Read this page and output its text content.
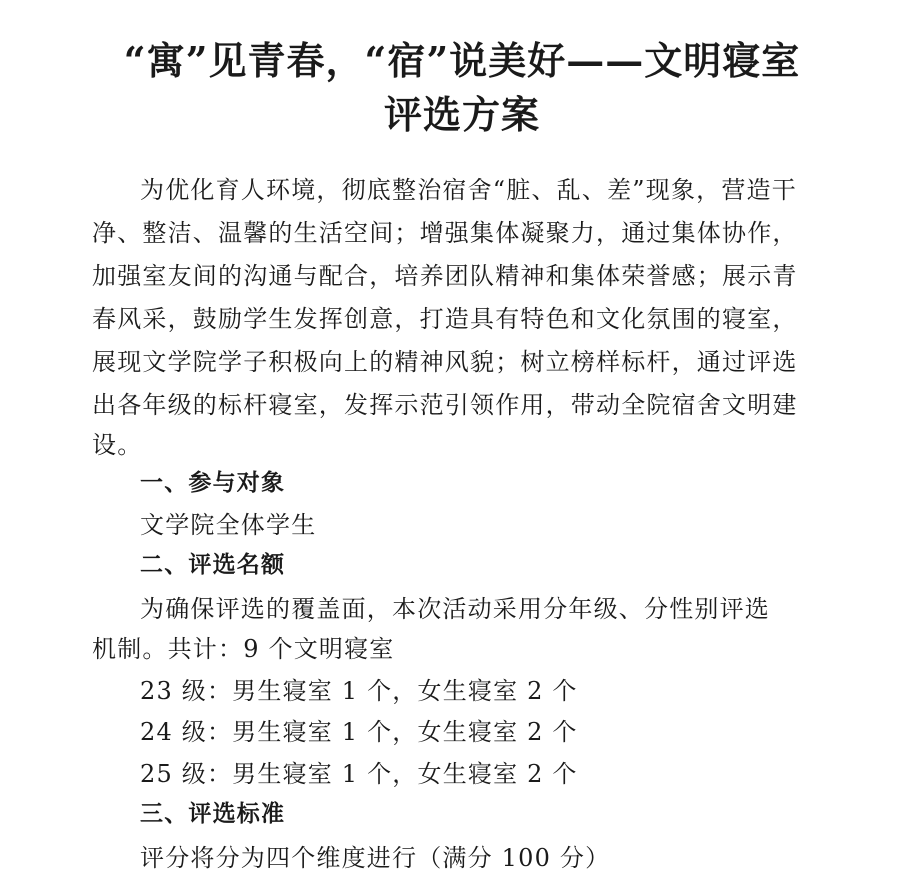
“寓”见青春，“宿”说美好——文明寝室
评选方案
为优化育人环境，彻底整治宿舍“脏、乱、差”现象，营造干
净、整洁、温馨的生活空间；增强集体凝聚力，通过集体协作，
加强室友间的沟通与配合，培养团队精神和集体荣誉感；展示青
春风采，鼓励学生发挥创意，打造具有特色和文化氛围的寝室，
展现文学院学子积极向上的精神风貌；树立榜样标杆，通过评选
出各年级的标杆寝室，发挥示范引领作用，带动全院宿舍文明建
设。
一、参与对象
文学院全体学生
二、评选名额
为确保评选的覆盖面，本次活动采用分年级、分性别评选
机制。共计：9 个文明寝室
23 级：男生寝室 1 个，女生寝室 2 个
24 级：男生寝室 1 个，女生寝室 2 个
25 级：男生寝室 1 个，女生寝室 2 个
三、评选标准
评分将分为四个维度进行（满分 100 分）
